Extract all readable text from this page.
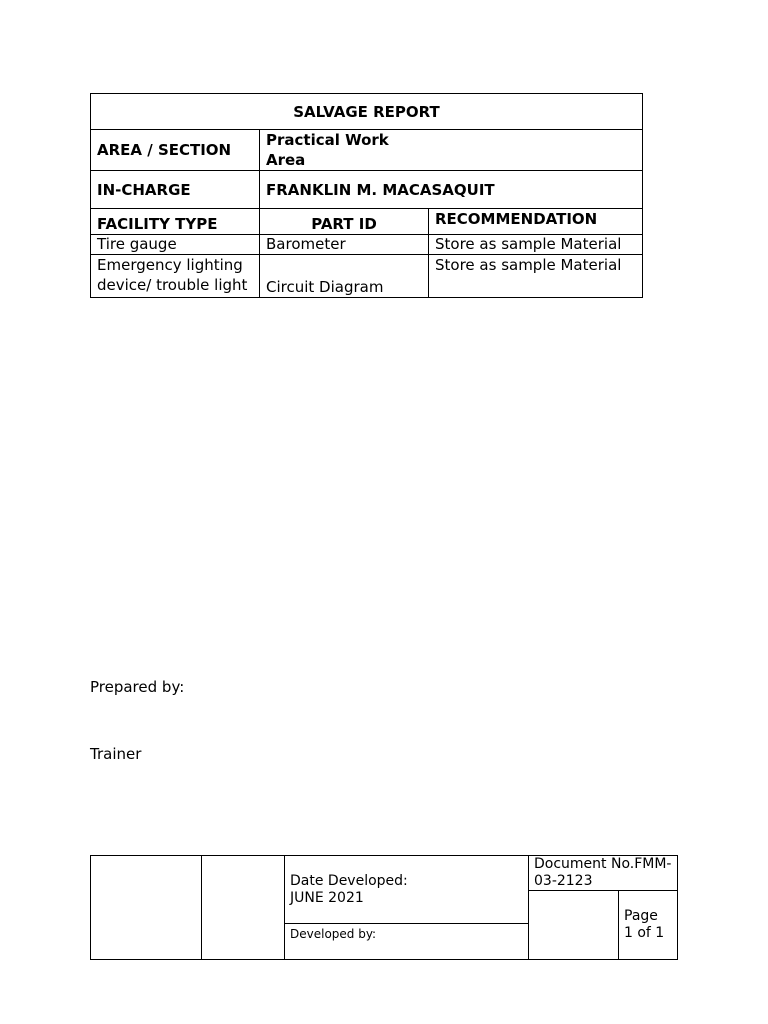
SALVAGE REPORT		
AREA / SECTION	Practical Work
Area	

IN-CHARGE	FRANKLIN M. MACASAQUIT	
FACILITY TYPE	PART ID	RECOMMENDATION
Tire gauge	Barometer	Store as sample Material

Emergency lighting
device/ trouble light	Circuit Diagram	Store as sample Material
Prepared by:
Trainer
Date Developed:
JUNE 2021
Developed by:
Document No.FMM-
03-2123
Page
1 of 1
